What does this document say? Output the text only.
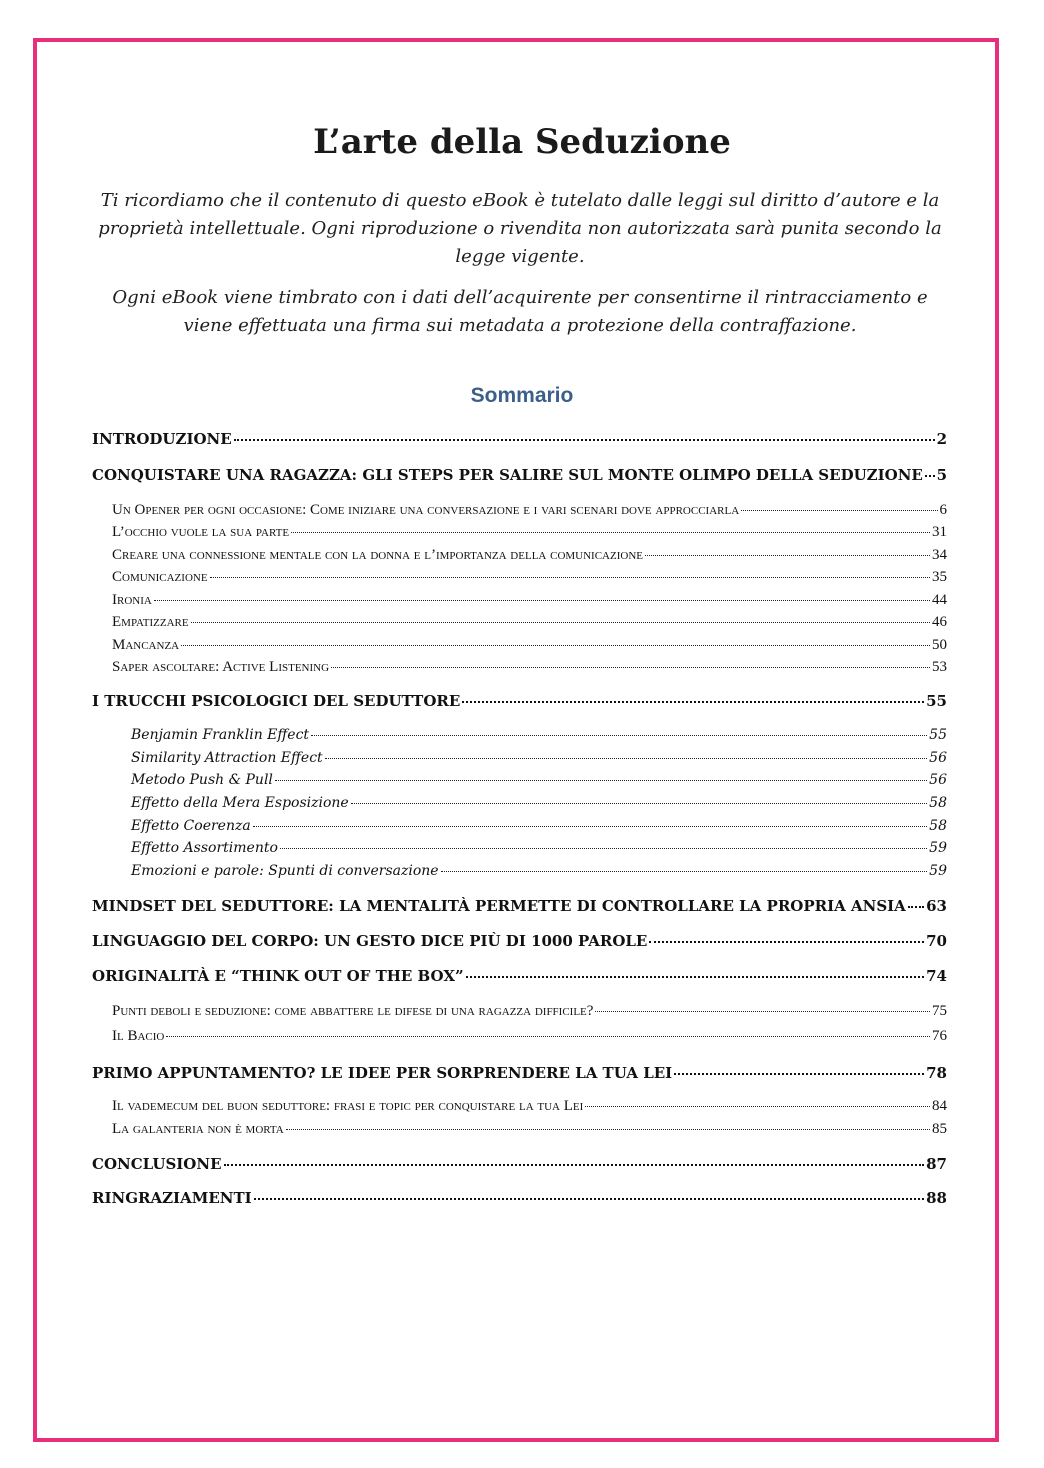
L’arte della Seduzione

Ti ricordiamo che il contenuto di questo eBook è tutelato dalle leggi sul diritto d’autore e la proprietà intellettuale. Ogni riproduzione o rivendita non autorizzata sarà punita secondo la legge vigente.

Ogni eBook viene timbrato con i dati dell’acquirente per consentirne il rintracciamento e viene effettuata una firma sui metadata a protezione della contraffazione.

Sommario
INTRODUZIONE	2
CONQUISTARE UNA RAGAZZA: GLI STEPS PER SALIRE SUL MONTE OLIMPO DELLA SEDUZIONE 5
Un Opener per ogni occasione: Come iniziare una conversazione e i vari scenari dove approcciarla	6
L’occhio vuole la sua parte	31
Creare una connessione mentale con la donna e l’importanza della comunicazione	34
Comunicazione	35
Ironia	44
Empatizzare	46
Mancanza	50
Saper ascoltare: Active Listening	53
I TRUCCHI PSICOLOGICI DEL SEDUTTORE	55
Benjamin Franklin Effect	55
Similarity Attraction Effect	56
Metodo Push & Pull	56
Effetto della Mera Esposizione	58
Effetto Coerenza	58
Effetto Assortimento	59
Emozioni e parole: Spunti di conversazione	59
MINDSET DEL SEDUTTORE: LA MENTALITÀ PERMETTE DI CONTROLLARE LA PROPRIA ANSIA 63
LINGUAGGIO DEL CORPO: UN GESTO DICE PIÙ DI 1000 PAROLE	70
ORIGINALITÀ E “THINK OUT OF THE BOX”	74
Punti deboli e seduzione: come abbattere le difese di una ragazza difficile?	75
Il Bacio	76
PRIMO APPUNTAMENTO? LE IDEE PER SORPRENDERE LA TUA LEI	78
Il vademecum del buon seduttore: frasi e topic per conquistare la tua Lei	84
La galanteria non è morta	85
CONCLUSIONE	87
RINGRAZIAMENTI	88
